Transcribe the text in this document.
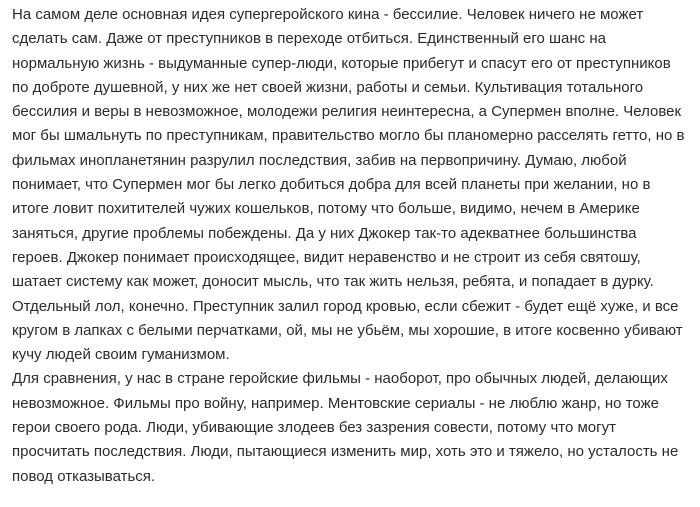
На самом деле основная идея супергеройского кина - бессилие. Человек ничего не может сделать сам. Даже от преступников в переходе отбиться. Единственный его шанс на нормальную жизнь - выдуманные супер-люди, которые прибегут и спасут его от преступников по доброте душевной, у них же нет своей жизни, работы и семьи. Культивация тотального бессилия и веры в невозможное, молодежи религия неинтересна, а Супермен вполне. Человек мог бы шмальнуть по преступникам, правительство могло бы планомерно расселять гетто, но в фильмах инопланетянин разрулил последствия, забив на первопричину. Думаю, любой понимает, что Супермен мог бы легко добиться добра для всей планеты при желании, но в итоге ловит похитителей чужих кошельков, потому что больше, видимо, нечем в Америке заняться, другие проблемы побеждены. Да у них Джокер так-то адекватнее большинства героев. Джокер понимает происходящее, видит неравенство и не строит из себя святошу, шатает систему как может, доносит мысль, что так жить нельзя, ребята, и попадает в дурку. Отдельный лол, конечно. Преступник залил город кровью, если сбежит - будет ещё хуже, и все кругом в лапках с белыми перчатками, ой, мы не убьём, мы хорошие, в итоге косвенно убивают кучу людей своим гуманизмом.

Для сравнения, у нас в стране геройские фильмы - наоборот, про обычных людей, делающих невозможное. Фильмы про войну, например. Ментовские сериалы - не люблю жанр, но тоже герои своего рода. Люди, убивающие злодеев без зазрения совести, потому что могут просчитать последствия. Люди, пытающиеся изменить мир, хоть это и тяжело, но усталость не повод отказываться.
